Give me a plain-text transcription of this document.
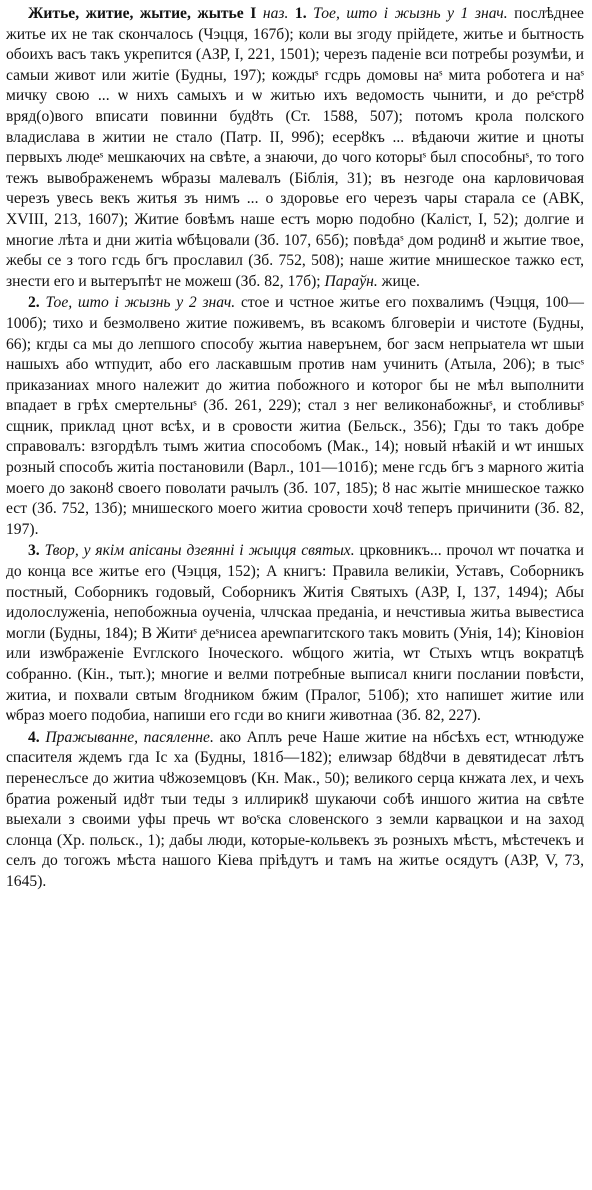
Житье, житие, жытие, жытье I наз. 1. Тое, што і жызнь у 1 знач. послѣднее житье их не так скончалось (Чэцця, 167б); коли вы згоду прійдете, житье и бытность обоихъ васъ такъ укрепится (АЗР, I, 221, 1501); черезъ паденіе вси потребы розумѣи, и самыи живот или житіе (Будны, 197); кождыˢ гсдрь домовы наˢ мита роботега и наˢ мичку свою ... ѡ нихъ самыхъ и ѡ житью ихъ ведомость чынити, и до реˢстрȣ вряд(о)вого вписати повинни будȣть (Ст. 1588, 507); потомъ крола полского владислава в житии не стало (Патр. II, 99б); есерȣкъ ... вѣдаючи житие и цноты первыхъ людеˢ мешкаючих на свѣте, а знаючи, до чого которыˢ был способныˢ, то того тежъ вывображенемъ ѡбразы малевалъ (Біблія, 31); въ незгоде она карловичовая черезъ увесь векъ житья зъ нимъ ... о здоровье его черезъ чары старала се (АВК, XVIII, 213, 1607); Житие бовѣмъ наше естъ морю подобно (Каліст, I, 52); долгие и многие лѣта и дни житіа ѡбѣцовали (Зб. 107, 65б); повѣдаˢ дом родинȣ и жытие твое, жебы се з того гсдь бгъ прославил (Зб. 752, 508); наше житие мнишеское тажко ест, знести его и вытеръпѣт не можеш (Зб. 82, 17б); Параўн. жице.

2. Тое, што і жызнь у 2 знач. стое и чстное житье его похвалимъ (Чэцця, 100—100б); тихо и безмолвено житие поживемъ, въ всакомъ блговеріи и чистоте (Будны, 66); кгды са мы до лепшого способу жытиа наверънем, бог засм непрыатела ѡт шыи нашыхъ або ѡтпудит, або его ласкавшым против нам учинить (Атыла, 206); в тысˢ приказаниах много належит до житиа побожного и которог бы не мѣл выполнити впадает в грѣх смертельныˢ (Зб. 261, 229); стал з нег великонабожныˢ, и стобливыˢ сщник, приклад цнот всѣх, и в сровости житиа (Бельск., 356); Гды то такъ добре справовалъ: взгордѣлъ тымъ житиа способомъ (Мак., 14); новый нѣакій и ѡт иншых розный способъ житіа постановили (Варл., 101—101б); мене гсдь бгъ з марного житіа моего до законȣ своего поволати рачылъ (Зб. 107, 185); ȣ нас жытіе мнишеское тажко ест (Зб. 752, 13б); мнишеского моего житиа сровости хочȣ теперъ причинити (Зб. 82, 197).

3. Твор, у якім апісаны дзеянні і жыцця святых. црковникъ... прочол ѡт початка и до конца все житье его (Чэцця, 152); А книгъ: Правила великіи, Уставъ, Соборникъ постный, Соборникъ годовый, Соборникъ Житія Святыхъ (АЗР, I, 137, 1494); Абы идолослуженіа, непобожныа оученіа, члчскаа преданіа, и нечстивыа житьа вывестиса могли (Будны, 184); В Житиˢ деˢнисеа ареѡпагитского такъ мовить (Унія, 14); Кіновіон или изѡбраженіе Еvглского Іноческого. ѡбщого житіа, ѡт Стыхъ ѡтцъ вократцѣ собранно. (Кін., тыт.); многие и велми потребные выписал книги послании повѣсти, житиа, и похвали свтым ȣгодником бжим (Пралог, 510б); хто напишет житие или ѡбраз моего подобиа, напиши его гсди во книги животнаа (Зб. 82, 227).

4. Пражыванне, пасяленне. ако Аплъ рече Наше житие на нбсѣхъ ест, ѡтнюдуже спасителя ждемъ гда Іс ха (Будны, 181б—182); елиѡзар бȣдȣчи в девятидесат лѣтъ перенеслъсе до житиа чȣжоземцовъ (Кн. Мак., 50); великого серца кнжата лех, и чехъ братиа роженый идȣт тыи теды з иллирикȣ шукаючи собѣ иншого житиа на свѣте выехали з своими уфы пречь ѡт воˢска словенского з земли карвацкои и на заход слонца (Хр. польск., 1); дабы люди, которые-кольвекъ зъ розныхъ мѣстъ, мѣстечекъ и селъ до тогожъ мѣста нашого Кіева пріѣдутъ и тамъ на житье осядутъ (АЗР, V, 73, 1645).
